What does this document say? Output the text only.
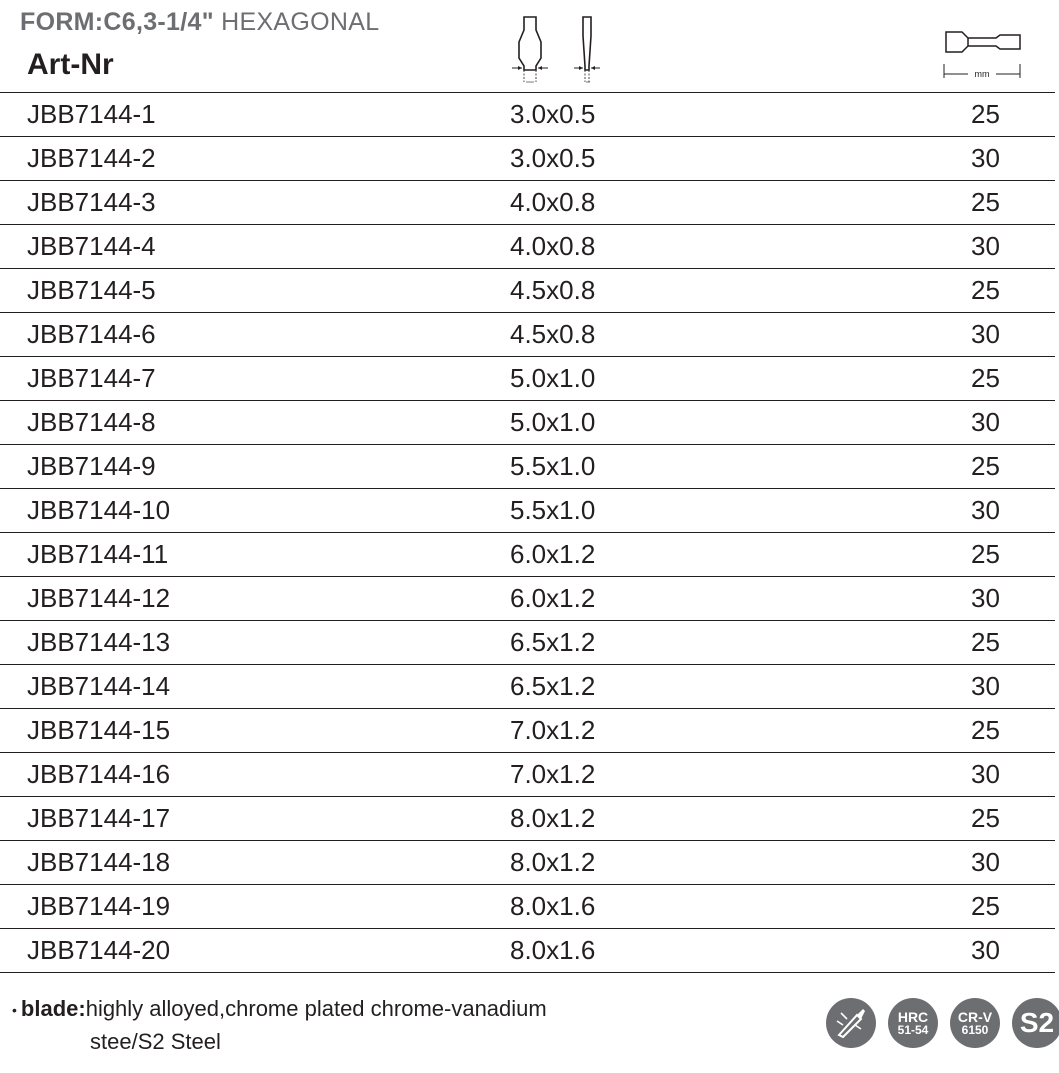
FORM:C6,3-1/4" HEXAGONAL
Art-Nr	mm
JBB7144-1	3.0x0.5	25
JBB7144-2	3.0x0.5	30
JBB7144-3	4.0x0.8	25
JBB7144-4	4.0x0.8	30
JBB7144-5	4.5x0.8	25
JBB7144-6	4.5x0.8	30
JBB7144-7	5.0x1.0	25
JBB7144-8	5.0x1.0	30
JBB7144-9	5.5x1.0	25
JBB7144-10	5.5x1.0	30
JBB7144-11	6.0x1.2	25
JBB7144-12	6.0x1.2	30
JBB7144-13	6.5x1.2	25
JBB7144-14	6.5x1.2	30
JBB7144-15	7.0x1.2	25
JBB7144-16	7.0x1.2	30
JBB7144-17	8.0x1.2	25
JBB7144-18	8.0x1.2	30
JBB7144-19	8.0x1.6	25
JBB7144-20	8.0x1.6	30
• blade:highly alloyed,chrome plated chrome-vanadium
stee/S2 Steel
HRC
51-54
CR-V
6150 S2
